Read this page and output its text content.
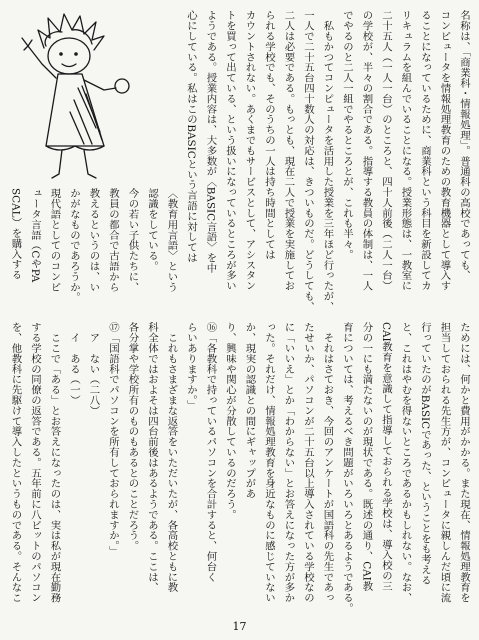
名称は、「商業科・情報処理」。普通科の高校であっても、
コンピュータを情報処理教育のための教育機器として導入す
ることになっているために、商業科という科目を新設してカ
リキュラムを組んでいることになる。授業形態は、一教室に
二十五人（一人一台）のところと、四十人前後（二人一台）
の学校が、半々の割合である。指導する教員の体制は、一人
でやるのと二人一組でやるところとが、これも半々。
　私もかつてコンピュータを活用した授業を三年ほど行ったが、
一人で二十五台四十数人の対応は、きついものだ。どうしても、
二人は必要である。もっとも、現在二人で授業を実施してお
られる学校でも、そのうちの一人は持ち時間としては
カウントされない。あくまでもサービスとして、アシスタン
トを買って出ている、という扱いになっているところが多い
ようである。授業内容は、大多数が〈BASIC言語〉を中
心にしている。私はこのBASICという言語に対しては
〈教育用言語〉という
認識をしている。
今の若い子供たちに、
教員の都合で古語から
教えるというのは、い
かがなものであろうか。
現代語としてのコンピ
ュータ言語（CやPA
SCAL）を購入する
ためには、何かと費用がかかる。また現在、情報処理教育を
担当しておられる先生方が、コンピュータに親しんだ頃に流
行っていたのがBASICであった、ということをも考える
と、これはやむを得ないところであるかもしれない。なお、
CAI教育を意識して指導しておられる学校は、導入校の三
分の一にも満たないのが現状である。既述の通り、CAI教
育については、考えるべき問題がいろいろとあるようである。
　それはさておき、今回のアンケートが国語科の先生であっ
たせいか、パソコンが二十五台以上導入されている学校なの
に「いいえ」とか「わからない」とお答えになった方が多か
った。それだけ、情報処理教育を身近なものに感じていない
か、現実の認識との間にギャップがあ
り、興味や関心が分散しているのだろう。
⑯「各教科で持っているパソコンを合計すると、何台く
らいありますか。」
　これもさまざまな返答をいただいたが、各高校ともに教
科全体ではおよそは四台前後はあるようである。ここは、
各分掌や学校所有のものもあるとのことだろう。
⑰「国語科でパソコンを所有しておられますか。」
　ア　ない（二八）
　イ　ある（一）
　ここで「ある」とお答えになったのは、実は私が現在勤務
する学校の同僚の返答である。五年前に八ビットのパソコン
を、他教科に先駆けて導入したというものである。そんなこ
17
